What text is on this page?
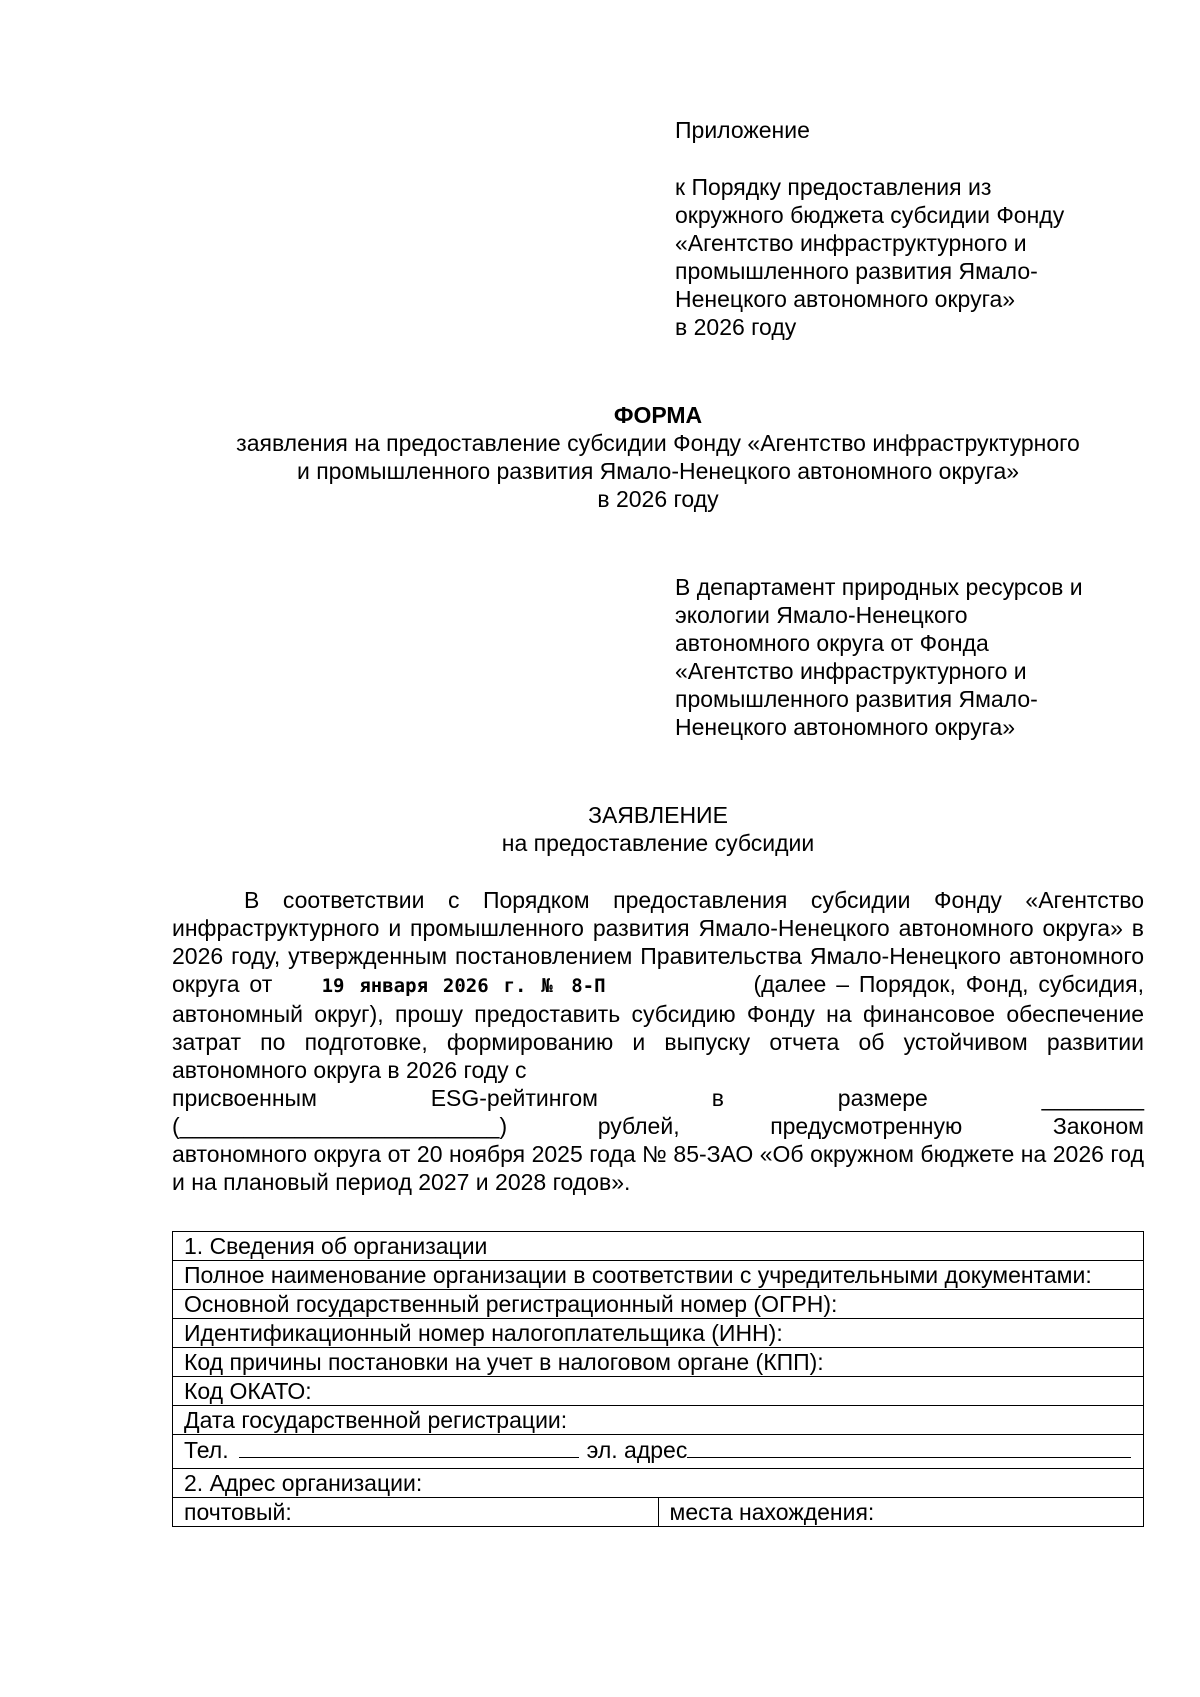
Приложение

к Порядку предоставления из

окружного бюджета субсидии Фонду

«Агентство инфраструктурного и

промышленного развития Ямало-

Ненецкого автономного округа»

в 2026 году

ФОРМА
заявления на предоставление субсидии Фонду «Агентство инфраструктурного
и промышленного развития Ямало-Ненецкого автономного округа»
в 2026 году

В департамент природных ресурсов и

экологии Ямало-Ненецкого

автономного округа от Фонда

«Агентство инфраструктурного и

промышленного развития Ямало-

Ненецкого автономного округа»

ЗАЯВЛЕНИЕ
на предоставление субсидии

В соответствии с Порядком предоставления субсидии Фонду «Агентство инфраструктурного и промышленного развития Ямало-Ненецкого автономного округа» в 2026 году, утвержденным постановлением Правительства Ямало-Ненецкого автономного округа от	19 января 2026 г. № 8-П	(далее – Порядок, Фонд, субсидия, автономный округ), прошу предоставить субсидию Фонду на финансовое обеспечение затрат по подготовке, формированию и выпуску отчета об устойчивом развитии автономного округа в 2026 году с

присвоенным	ESG-рейтингом	в	размере	________
(_________________________)	рублей,	предусмотренную	Законом

автономного округа от 20 ноября 2025 года № 85-ЗАО «Об окружном бюджете на 2026 год и на плановый период 2027 и 2028 годов».

1. Сведения об организации
Полное наименование организации в соответствии с учредительными документами:
Основной государственный регистрационный номер (ОГРН):
Идентификационный номер налогоплательщика (ИНН):
Код причины постановки на учет в налоговом органе (КПП):
Код ОКАТО:
Дата государственной регистрации:

Тел.	эл. адрес

2. Адрес организации:
почтовый:	места нахождения:
